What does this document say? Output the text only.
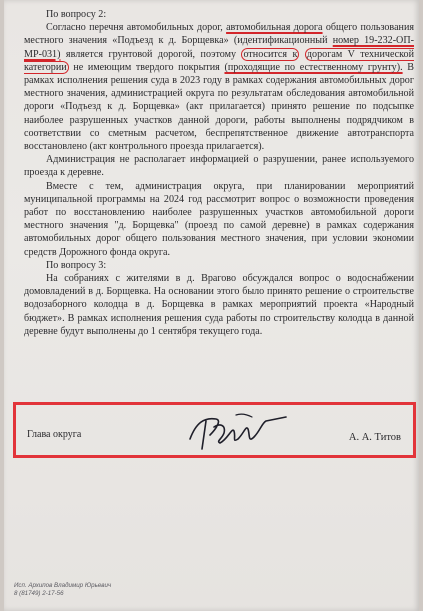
По вопросу 2:

Согласно перечня автомобильных дорог, автомобильная дорога общего пользования местного значения «Подъезд к д. Борщевка» (идентификационный номер 19-232-ОП-МР-031) является грунтовой дорогой, поэтому относится к дорогам V технической категории не имеющим твердого покрытия (проходящие по естественному грунту). В рамках исполнения решения суда в 2023 году в рамках содержания автомобильных дорог местного значения, администрацией округа по результатам обследования автомобильной дороги «Подъезд к д. Борщевка» (акт прилагается) принято решение по подсыпке наиболее разрушенных участков данной дороги, работы выполнены подрядчиком в соответствии со сметным расчетом, беспрепятственное движение автотранспорта восстановлено (акт контрольного проезда прилагается).

Администрация не располагает информацией о разрушении, ранее используемого проезда к деревне.

Вместе с тем, администрация округа, при планировании мероприятий муниципальной программы на 2024 год рассмотрит вопрос о возможности проведения работ по восстановлению наиболее разрушенных участков автомобильной дороги местного значения "д. Борщевка" (проезд по самой деревне) в рамках содержания автомобильных дорог общего пользования местного значения, при условии экономии средств Дорожного фонда округа.

По вопросу 3:

На собраниях с жителями в д. Врагово обсуждался вопрос о водоснабжении домовладений в д. Борщевка. На основании этого было принято решение о строительстве водозаборного колодца в д. Борщевка в рамках мероприятий проекта «Народный бюджет». В рамках исполнения решения суда работы по строительству колодца в данной деревне будут выполнены до 1 сентября текущего года.

Глава округа	А. А. Титов
Исп. Архипов Владимир Юрьевич
8 (81749) 2-17-56
